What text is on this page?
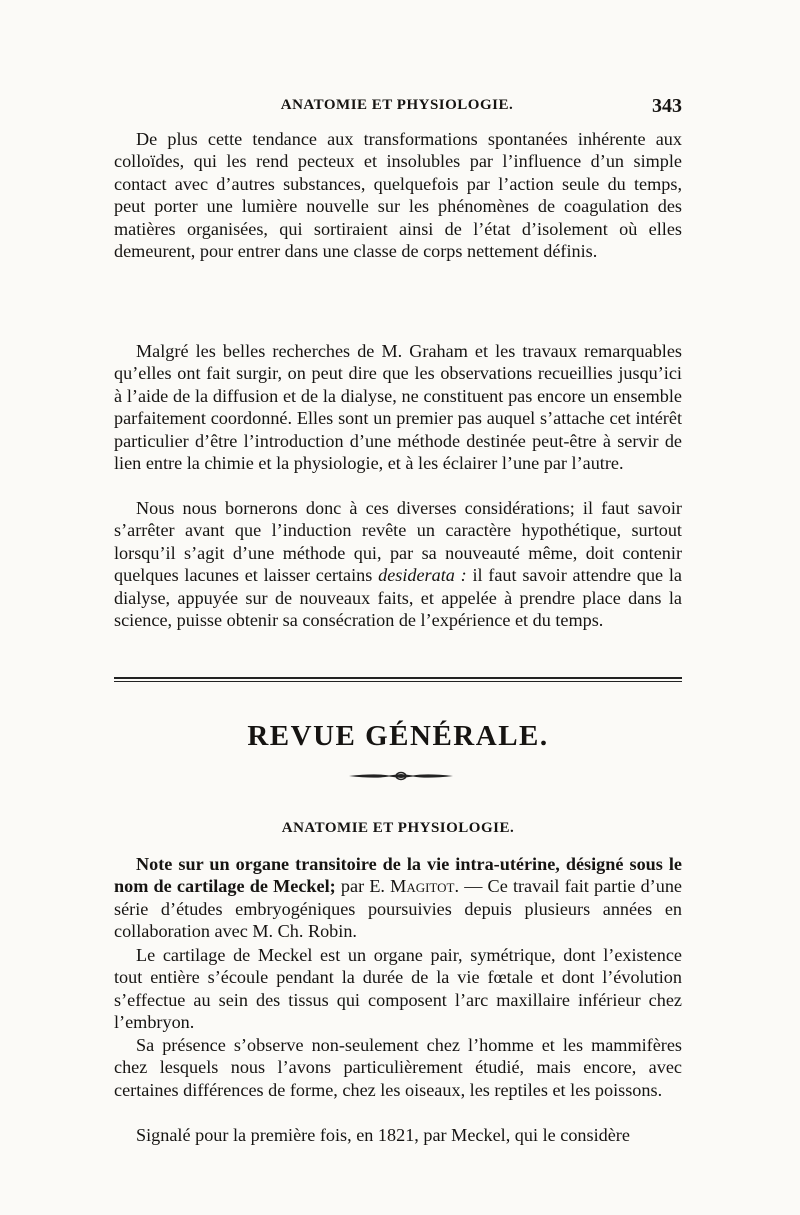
ANATOMIE ET PHYSIOLOGIE.	343

De plus cette tendance aux transformations spontanées inhérente aux colloïdes, qui les rend pecteux et insolubles par l’influence d’un simple contact avec d’autres substances, quelquefois par l’action seule du temps, peut porter une lumière nouvelle sur les phénomènes de coagulation des matières organisées, qui sortiraient ainsi de l’état d’isolement où elles demeurent, pour entrer dans une classe de corps nettement définis.

Malgré les belles recherches de M. Graham et les travaux remarquables qu’elles ont fait surgir, on peut dire que les observations recueillies jusqu’ici à l’aide de la diffusion et de la dialyse, ne constituent pas encore un ensemble parfaitement coordonné. Elles sont un premier pas auquel s’attache cet intérêt particulier d’être l’introduction d’une méthode destinée peut-être à servir de lien entre la chimie et la physiologie, et à les éclairer l’une par l’autre.

Nous nous bornerons donc à ces diverses considérations; il faut savoir s’arrêter avant que l’induction revête un caractère hypothétique, surtout lorsqu’il s’agit d’une méthode qui, par sa nouveauté même, doit contenir quelques lacunes et laisser certains desiderata : il faut savoir attendre que la dialyse, appuyée sur de nouveaux faits, et appelée à prendre place dans la science, puisse obtenir sa consécration de l’expérience et du temps.

REVUE GÉNÉRALE.
ANATOMIE ET PHYSIOLOGIE.

Note sur un organe transitoire de la vie intra-utérine, désigné sous le nom de cartilage de Meckel; par E. Magitot. — Ce travail fait partie d’une série d’études embryogéniques poursuivies depuis plusieurs années en collaboration avec M. Ch. Robin.

Le cartilage de Meckel est un organe pair, symétrique, dont l’existence tout entière s’écoule pendant la durée de la vie fœtale et dont l’évolution s’effectue au sein des tissus qui composent l’arc maxillaire inférieur chez l’embryon.

Sa présence s’observe non-seulement chez l’homme et les mammifères chez lesquels nous l’avons particulièrement étudié, mais encore, avec certaines différences de forme, chez les oiseaux, les reptiles et les poissons.

Signalé pour la première fois, en 1821, par Meckel, qui le considère
